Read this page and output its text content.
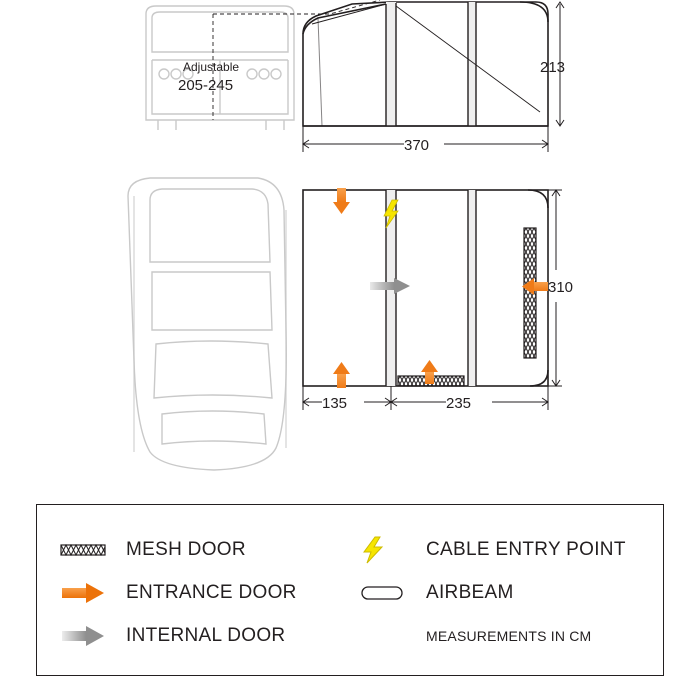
Adjustable
205-245
213
370
310
135	235
MESH DOOR	CABLE ENTRY POINT
ENTRANCE DOOR	AIRBEAM
INTERNAL DOOR	MEASUREMENTS IN CM
